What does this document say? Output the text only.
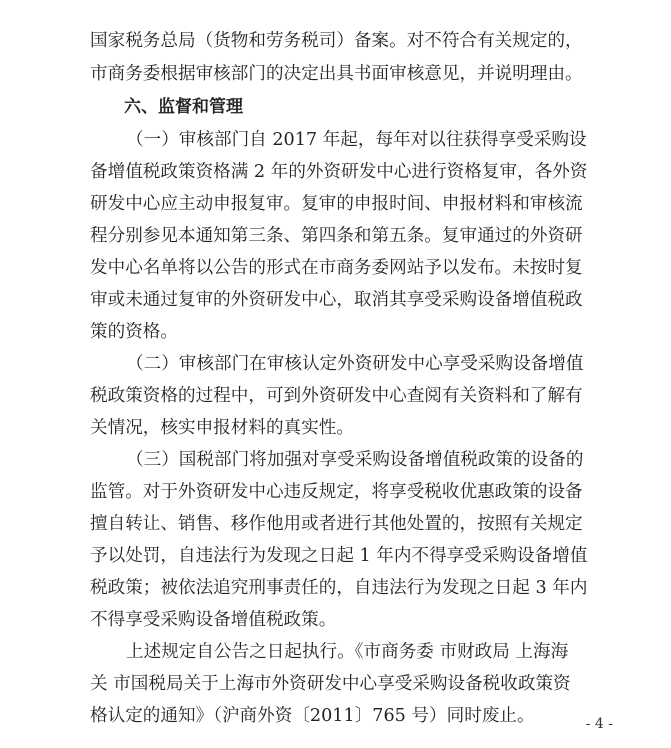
国家税务总局（货物和劳务税司）备案。对不符合有关规定的，
市商务委根据审核部门的决定出具书面审核意见，并说明理由。
六、监督和管理
（一）审核部门自 2017 年起，每年对以往获得享受采购设
备增值税政策资格满 2 年的外资研发中心进行资格复审，各外资
研发中心应主动申报复审。复审的申报时间、申报材料和审核流
程分别参见本通知第三条、第四条和第五条。复审通过的外资研
发中心名单将以公告的形式在市商务委网站予以发布。未按时复
审或未通过复审的外资研发中心，取消其享受采购设备增值税政
策的资格。
（二）审核部门在审核认定外资研发中心享受采购设备增值
税政策资格的过程中，可到外资研发中心查阅有关资料和了解有
关情况，核实申报材料的真实性。
（三）国税部门将加强对享受采购设备增值税政策的设备的
监管。对于外资研发中心违反规定，将享受税收优惠政策的设备
擅自转让、销售、移作他用或者进行其他处置的，按照有关规定
予以处罚，自违法行为发现之日起 1 年内不得享受采购设备增值
税政策；被依法追究刑事责任的，自违法行为发现之日起 3 年内
不得享受采购设备增值税政策。
上述规定自公告之日起执行。《市商务委 市财政局 上海海
关 市国税局关于上海市外资研发中心享受采购设备税收政策资
格认定的通知》（沪商外资〔2011〕765 号）同时废止。	- 4 -
